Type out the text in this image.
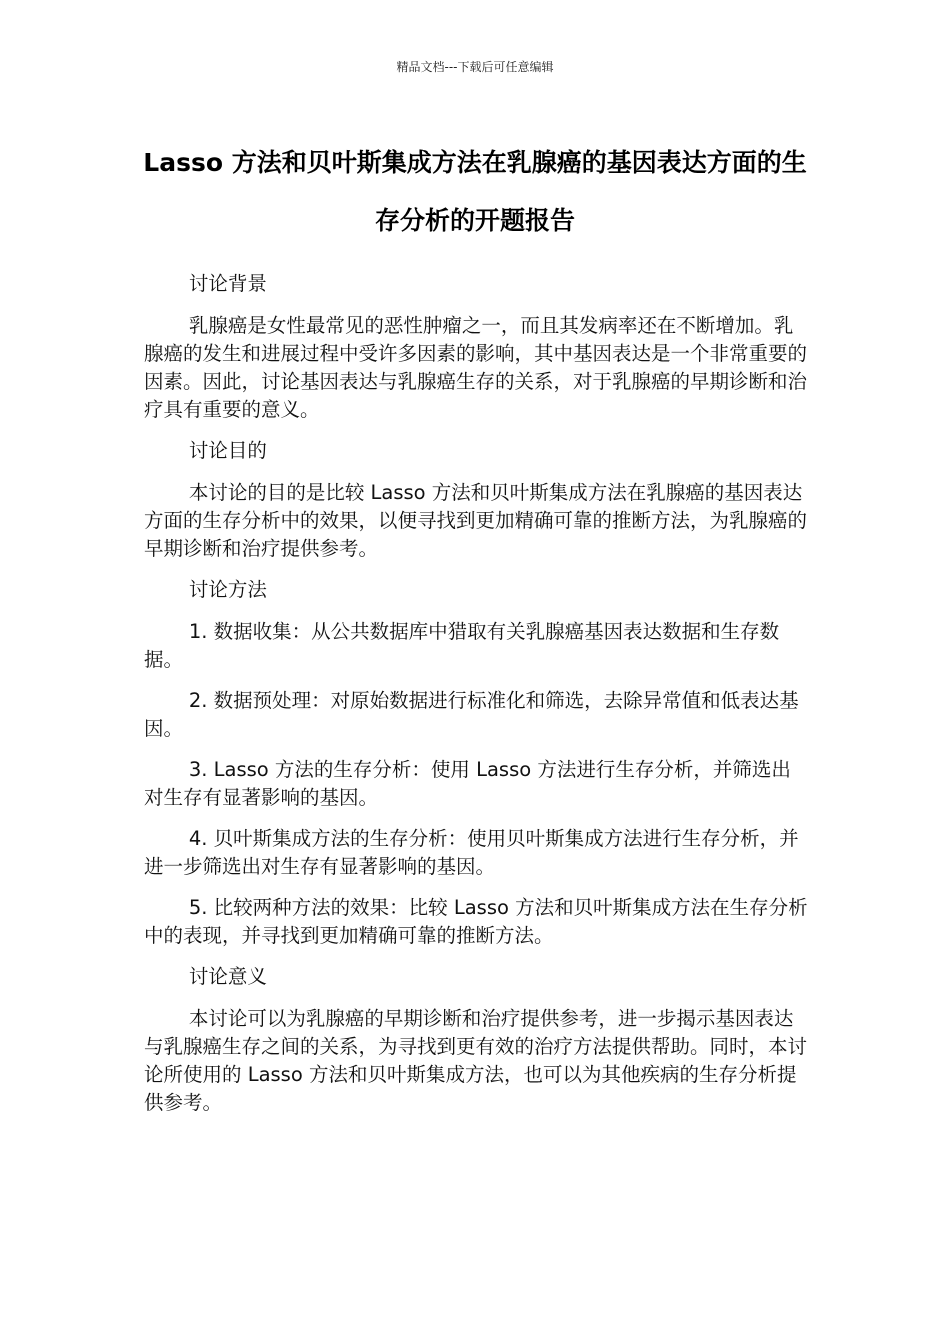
精品文档---下载后可任意编辑
Lasso 方法和贝叶斯集成方法在乳腺癌的基因表达方面的生存分析的开题报告

讨论背景

乳腺癌是女性最常见的恶性肿瘤之一，而且其发病率还在不断增加。乳腺癌的发生和进展过程中受许多因素的影响，其中基因表达是一个非常重要的因素。因此，讨论基因表达与乳腺癌生存的关系，对于乳腺癌的早期诊断和治疗具有重要的意义。

讨论目的

本讨论的目的是比较 Lasso 方法和贝叶斯集成方法在乳腺癌的基因表达方面的生存分析中的效果，以便寻找到更加精确可靠的推断方法，为乳腺癌的早期诊断和治疗提供参考。

讨论方法

1. 数据收集：从公共数据库中猎取有关乳腺癌基因表达数据和生存数据。

2. 数据预处理：对原始数据进行标准化和筛选，去除异常值和低表达基因。

3. Lasso 方法的生存分析：使用 Lasso 方法进行生存分析，并筛选出对生存有显著影响的基因。

4. 贝叶斯集成方法的生存分析：使用贝叶斯集成方法进行生存分析，并进一步筛选出对生存有显著影响的基因。

5. 比较两种方法的效果：比较 Lasso 方法和贝叶斯集成方法在生存分析中的表现，并寻找到更加精确可靠的推断方法。

讨论意义

本讨论可以为乳腺癌的早期诊断和治疗提供参考，进一步揭示基因表达与乳腺癌生存之间的关系，为寻找到更有效的治疗方法提供帮助。同时，本讨论所使用的 Lasso 方法和贝叶斯集成方法，也可以为其他疾病的生存分析提供参考。
